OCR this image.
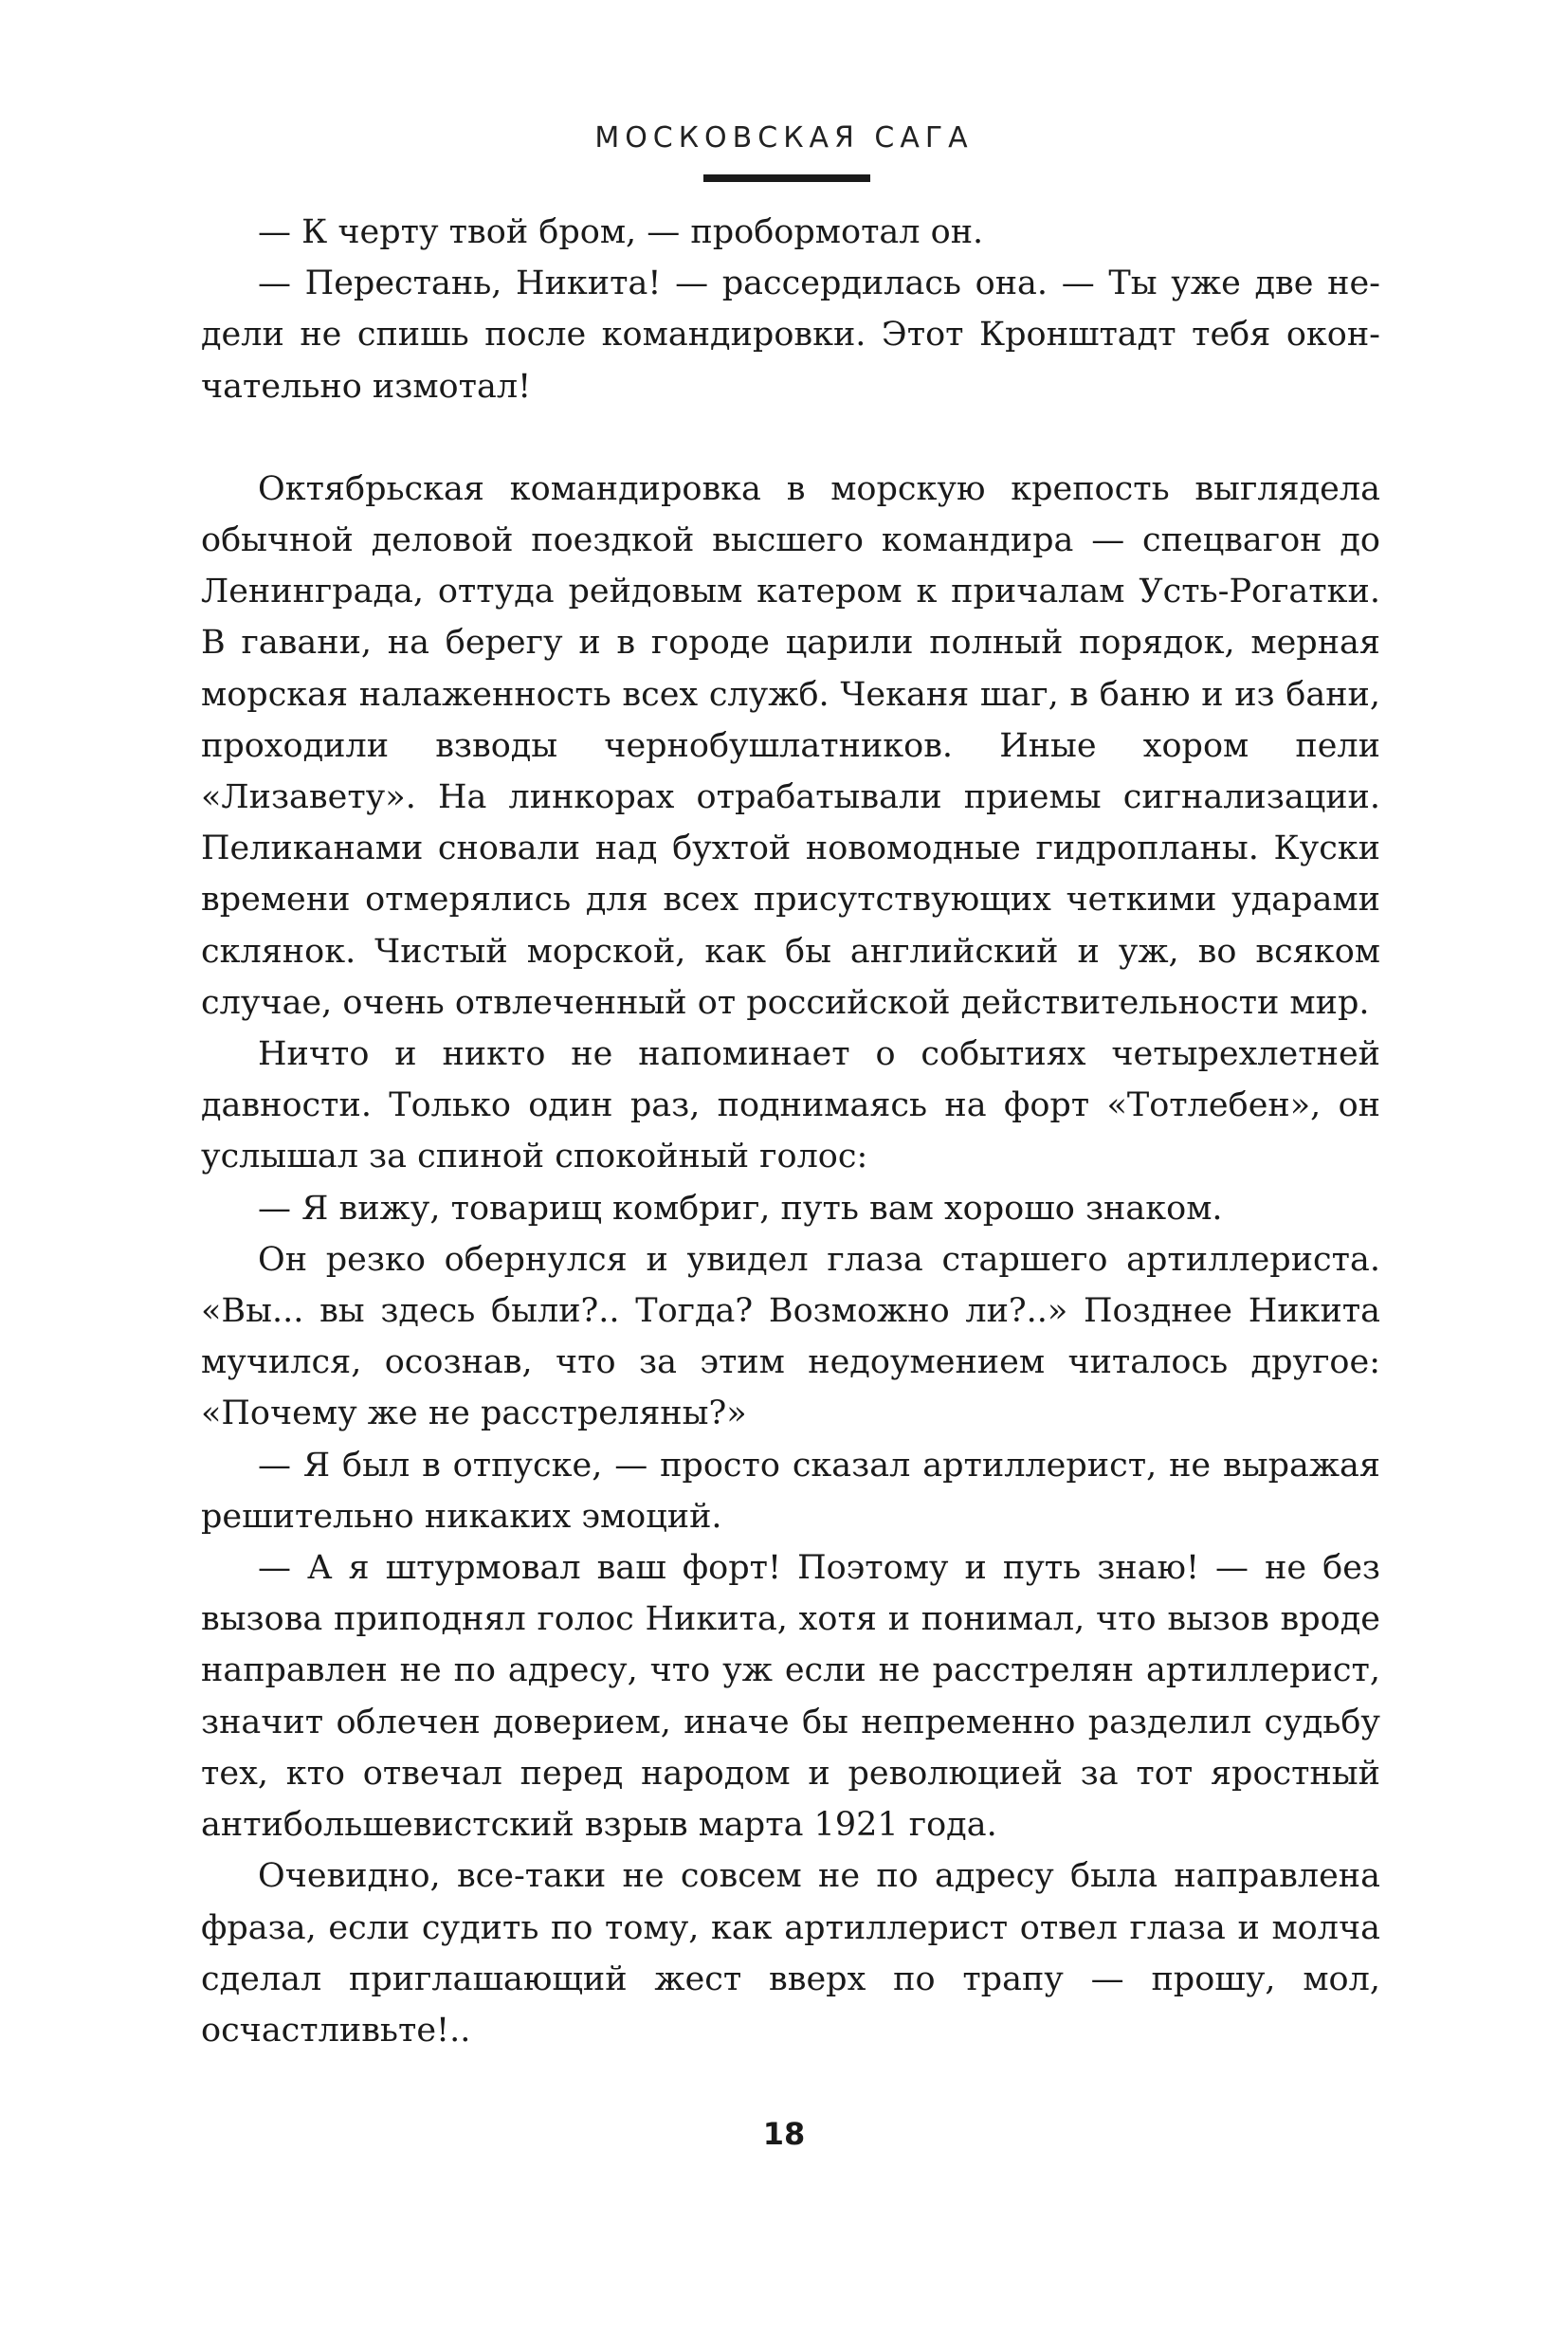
МОСКОВСКАЯ САГА

— К черту твой бром, — пробормотал он.

— Перестань, Никита! — рассердилась она. — Ты уже две недели не спишь после командировки. Этот Кронштадт тебя окончательно измотал!

Октябрьская командировка в морскую крепость выглядела обычной деловой поездкой высшего командира — спецвагон до Ленинграда, оттуда рейдовым катером к причалам Усть-Рогатки. В гавани, на берегу и в городе царили полный порядок, мерная морская налаженность всех служб. Чеканя шаг, в баню и из бани, проходили взводы чернобушлатников. Иные хором пели «Лизавету». На линкорах отрабатывали приемы сигнализации. Пеликанами сновали над бухтой новомодные гидропланы. Куски времени отмерялись для всех присутствующих четкими ударами склянок. Чистый морской, как бы английский и уж, во всяком случае, очень отвлеченный от российской действительности мир.

Ничто и никто не напоминает о событиях четырехлетней давности. Только один раз, поднимаясь на форт «Тотлебен», он услышал за спиной спокойный голос:

— Я вижу, товарищ комбриг, путь вам хорошо знаком.

Он резко обернулся и увидел глаза старшего артиллериста. «Вы... вы здесь были?.. Тогда? Возможно ли?..» Позднее Никита мучился, осознав, что за этим недоумением читалось другое: «Почему же не расстреляны?»

— Я был в отпуске, — просто сказал артиллерист, не выражая решительно никаких эмоций.

— А я штурмовал ваш форт! Поэтому и путь знаю! — не без вызова приподнял голос Никита, хотя и понимал, что вызов вроде направлен не по адресу, что уж если не расстрелян артиллерист, значит облечен доверием, иначе бы непременно разделил судьбу тех, кто отвечал перед народом и революцией за тот яростный антибольшевистский взрыв марта 1921 года.

Очевидно, все-таки не совсем не по адресу была направлена фраза, если судить по тому, как артиллерист отвел глаза и молча сделал приглашающий жест вверх по трапу — прошу, мол, осчастливьте!..

18
